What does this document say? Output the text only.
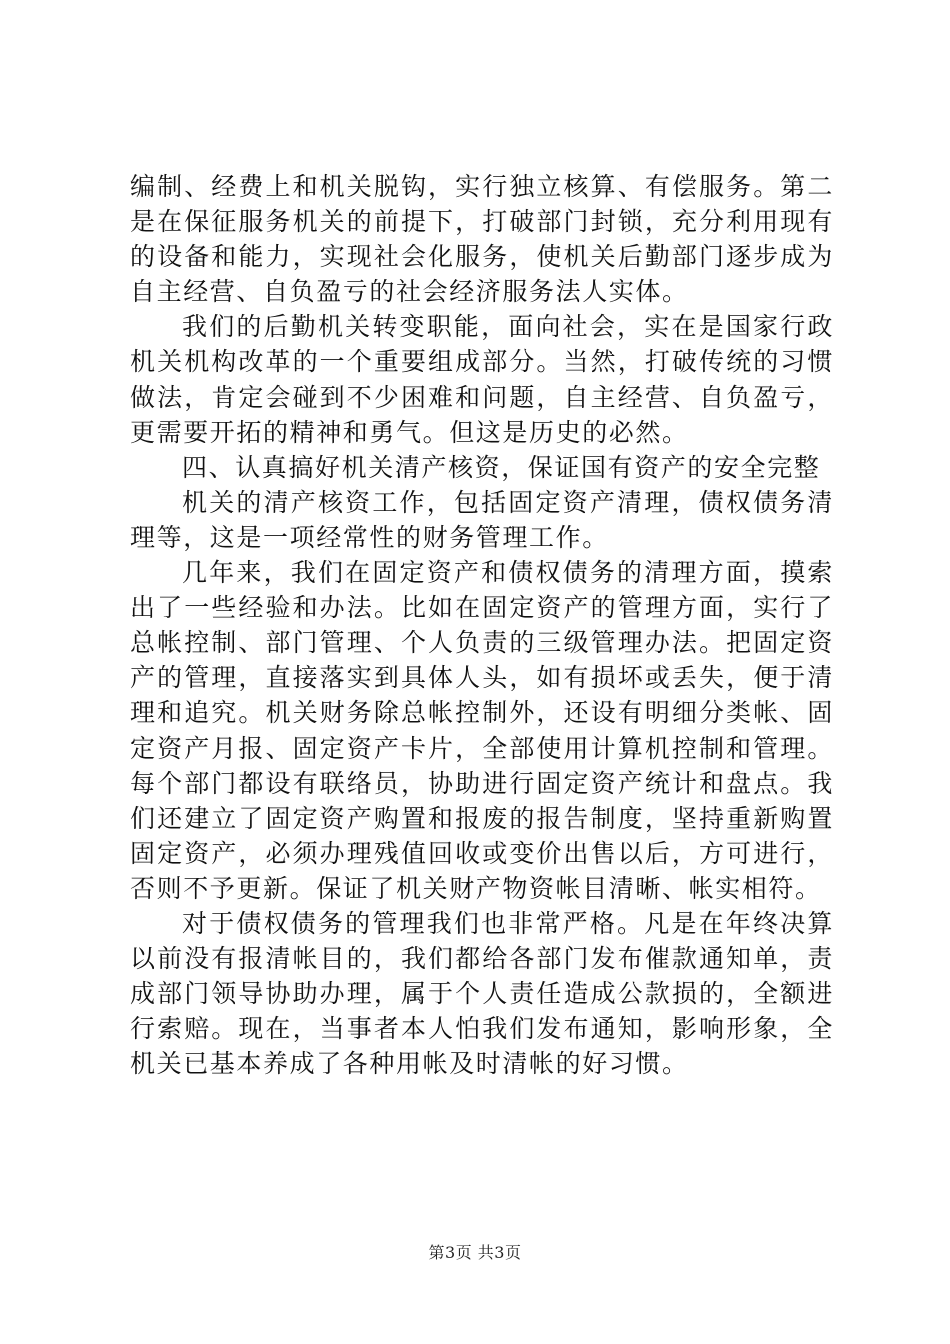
编制、经费上和机关脱钩，实行独立核算、有偿服务。第二是在保征服务机关的前提下，打破部门封锁，充分利用现有的设备和能力，实现社会化服务，使机关后勤部门逐步成为自主经营、自负盈亏的社会经济服务法人实体。

我们的后勤机关转变职能，面向社会，实在是国家行政机关机构改革的一个重要组成部分。当然，打破传统的习惯做法，肯定会碰到不少困难和问题，自主经营、自负盈亏，更需要开拓的精神和勇气。但这是历史的必然。

四、认真搞好机关清产核资，保证国有资产的安全完整

机关的清产核资工作，包括固定资产清理，债权债务清理等，这是一项经常性的财务管理工作。

几年来，我们在固定资产和债权债务的清理方面，摸索出了一些经验和办法。比如在固定资产的管理方面，实行了总帐控制、部门管理、个人负责的三级管理办法。把固定资产的管理，直接落实到具体人头，如有损坏或丢失，便于清理和追究。机关财务除总帐控制外，还设有明细分类帐、固定资产月报、固定资产卡片，全部使用计算机控制和管理。每个部门都设有联络员，协助进行固定资产统计和盘点。我们还建立了固定资产购置和报废的报告制度，坚持重新购置固定资产，必须办理残值回收或变价出售以后，方可进行，否则不予更新。保证了机关财产物资帐目清晰、帐实相符。

对于债权债务的管理我们也非常严格。凡是在年终决算以前没有报清帐目的，我们都给各部门发布催款通知单，责成部门领导协助办理，属于个人责任造成公款损的，全额进行索赔。现在，当事者本人怕我们发布通知，影响形象，全机关已基本养成了各种用帐及时清帐的好习惯。

第3页 共3页
